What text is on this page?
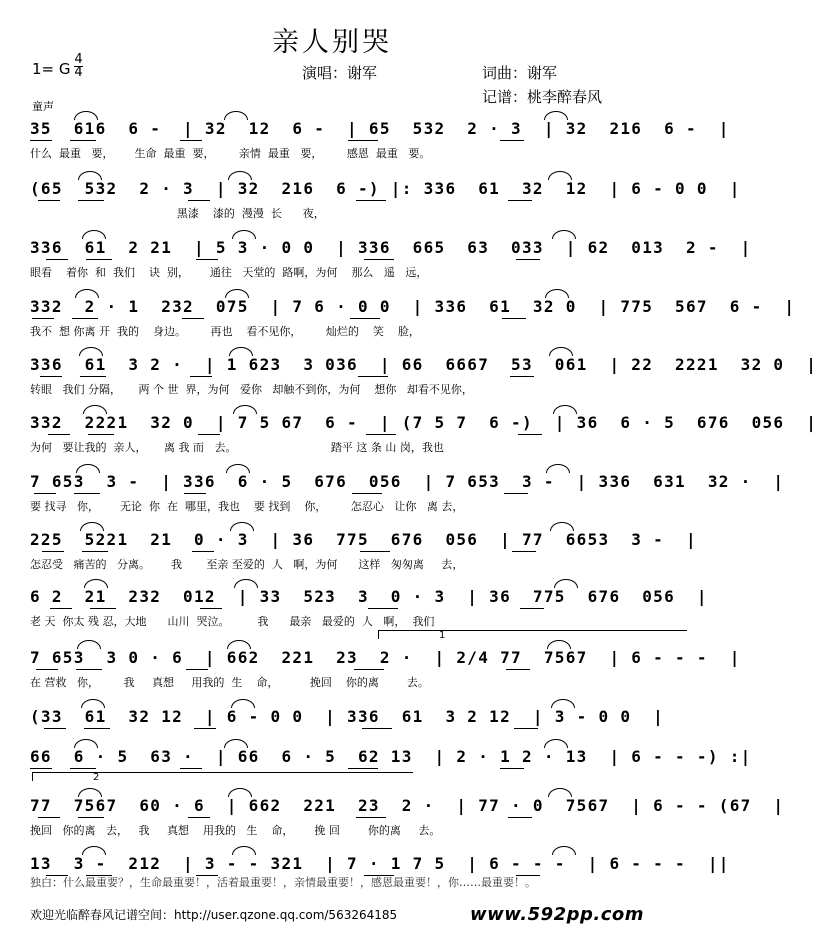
亲人别哭
1= G
4
4	演唱：谢军	词曲：谢军
记谱：桃李醉春风
童声
35  616  6 -  | 32  12  6 -  | 65  532  2 · 3  | 32  216  6 -  |
什么  最重   要，      生命  最重  要，       亲情  最重   要，       感恩  最重   要。
(65  532  2 · 3  | 32  216  6 -) |: 336  61  32  12  | 6 - 0 0  |
黑漆    漆的  漫漫  长      夜，
336  61  2 21  | 5 3 · 0 0  | 336  665  63  033  | 62  013  2 -  |
眼看    着你  和  我们    诀  别，      通往   天堂的  路啊，为何    那么   遥   远，
332  2 · 1  232  075  | 7 6 · 0 0  | 336  61  32 0  | 775  567  6 -  |
我不  想 你离 开  我的    身边。       再也    看不见你，       灿烂的    笑    脸，
336  61  3 2 ·  | 1 623  3 036  | 66  6667  53  061  | 22  2221  32 0  |
转眼   我们 分隔，     两 个 世  界，为何   爱你   却触不到你，为何    想你   却看不见你，
332  2221  32 0  | 7 5 67  6 -  | (7 5 7  6 -)  | 36  6 · 5  676  056  |
为何   要让我的  亲人，     离 我 而   去。                           踏平 这 条 山 岗，我也
7 653  3 -  | 336  6 · 5  676  056  | 7 653  3 -  | 336  631  32 ·  |
要 找寻   你，      无论  你  在  哪里，我也    要 找到    你，       怎忍心   让你   离 去，
225  5221  21  0 · 3  | 36  775  676  056  | 77  6653  3 -  |
怎忍受   痛苦的   分离。      我       至亲 至爱的  人   啊，为何      这样   匆匆离     去，
6 2  21  232  012  | 33  523  3  0 · 3  | 36  775  676  056  |
老 天  你太 残 忍，大地      山川  哭泣。        我      最亲   最爱的  人   啊，  我们
7 653  3 0 · 6  | 662  221  23  2 ·  | 2/4 77  7567  | 6 - - -  |
在 营救   你，       我     真想     用我的  生    命，         挽回    你的离        去。
(33  61  32 12  | 6 - 0 0  | 336  61  3 2 12  | 3 - 0 0  |
66  6 · 5  63 ·  | 66  6 · 5  62 13  | 2 · 1 2 · 13  | 6 - - -) :|
77  7567  60 · 6  | 662  221  23  2 ·  | 77 · 0  7567  | 6 - - (67  |
挽回   你的离   去，   我     真想    用我的   生    命，      挽 回        你的离     去。
13  3 -  212  | 3 - - 321  | 7 · 1 7 5  | 6 - - -  | 6 - - -  ||
1
2
独白：什么最重要？，生命最重要！，活着最重要！，亲情最重要！，感恩最重要！，你……最重要！。
欢迎光临醉春风记谱空间：http://user.qzone.qq.com/563264185	www.592pp.com
